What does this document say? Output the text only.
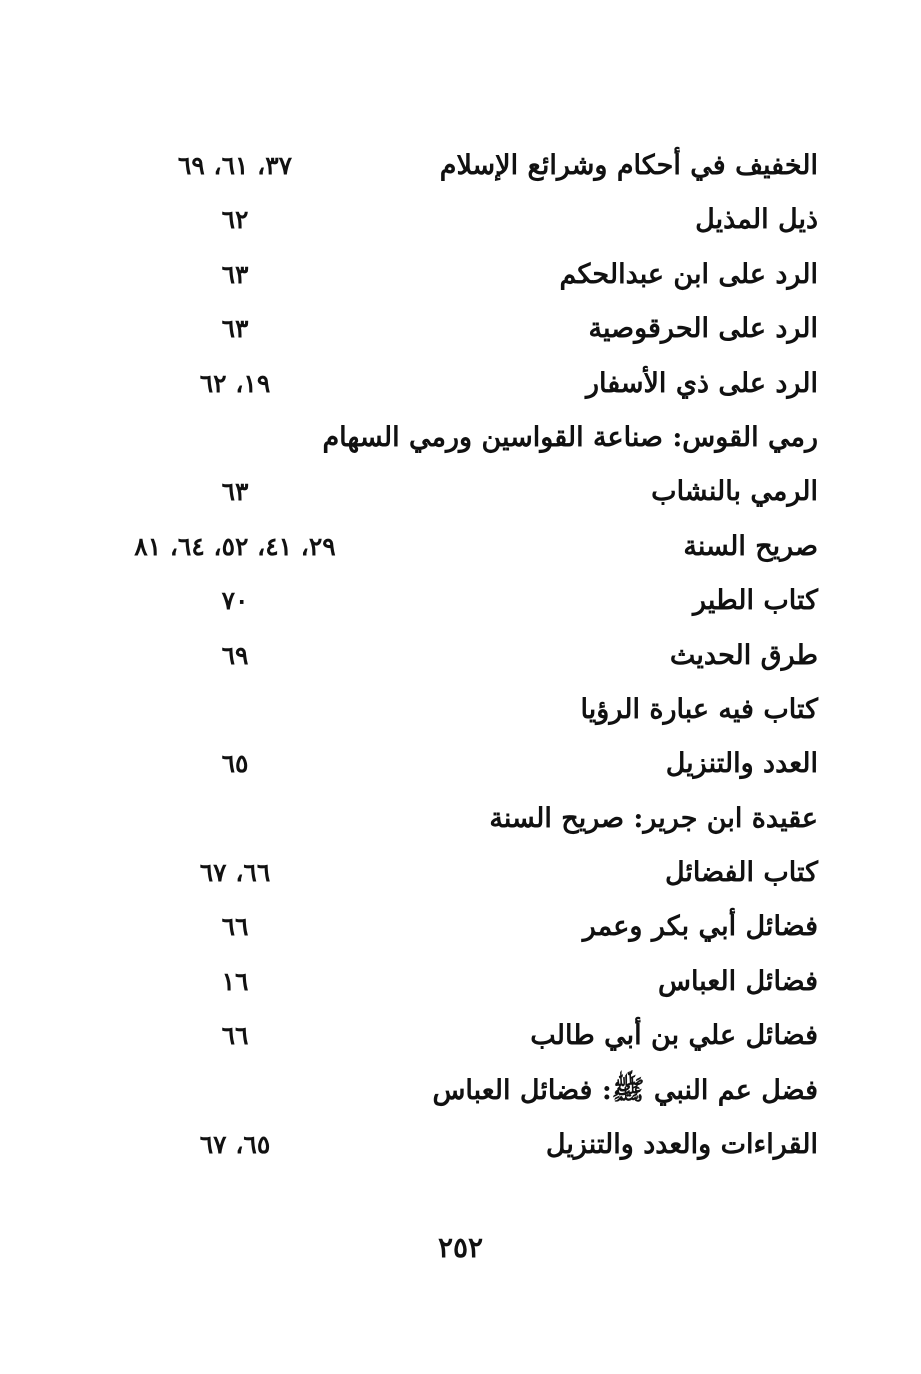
الخفيف في أحكام وشرائع الإسلام
٣٧، ٦١، ٦٩
ذيل المذيل
٦٢
الرد على ابن عبدالحكم
٦٣
الرد على الحرقوصية
٦٣
الرد على ذي الأسفار
١٩، ٦٢
رمي القوس: صناعة القواسين ورمي السهام
الرمي بالنشاب
٦٣
صريح السنة
٢٩، ٤١، ٥٢، ٦٤، ٨١
كتاب الطير
٧٠
طرق الحديث
٦٩
كتاب فيه عبارة الرؤيا
العدد والتنزيل
٦٥
عقيدة ابن جرير: صريح السنة
كتاب الفضائل
٦٦، ٦٧
فضائل أبي بكر وعمر
٦٦
فضائل العباس
١٦
فضائل علي بن أبي طالب
٦٦
فضل عم النبي ﷺ: فضائل العباس
القراءات والعدد والتنزيل
٦٥، ٦٧
٢٥٢
